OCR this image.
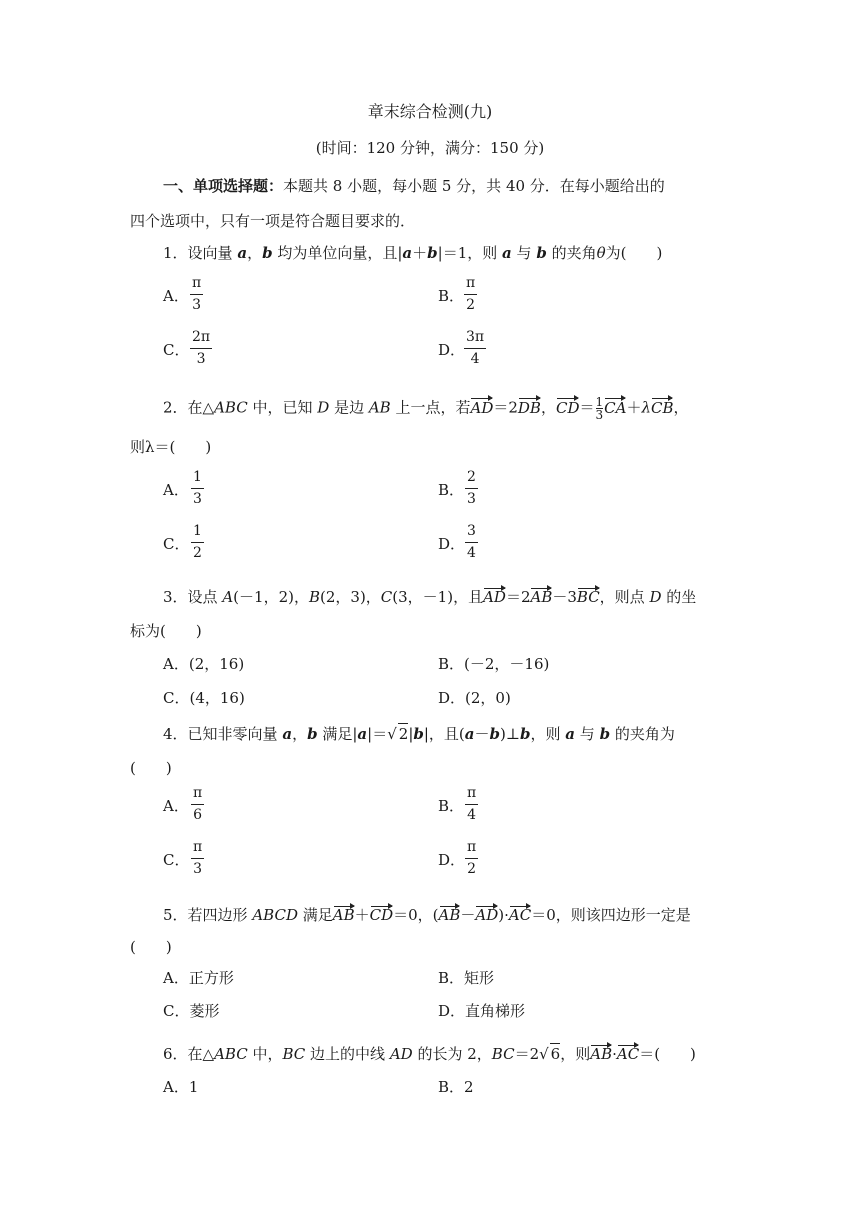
章末综合检测(九)
(时间：120 分钟，满分：150 分)
一、单项选择题：本题共 8 小题，每小题 5 分，共 40 分．在每小题给出的
四个选项中，只有一项是符合题目要求的．
1．设向量 a，b 均为单位向量，且|a＋b|＝1，则 a 与 b 的夹角θ为(　　)
A．
π
3	B．
π
2
C．
2π
3	D．
3π
4
2．在△ABC 中，已知 D 是边 AB 上一点，若AD＝2DB，$CD= \frac{1}{3} CA+\lambda CB$，
则λ＝(　　)
A．
1
3	B．
2
3
C．
1
2	D．
3
4
3．设点 A(－1，2)，B(2，3)，C(3，－1)，且AD＝2AB－3BC，则点 D 的坐
标为(　　)
A．(2，16)	B．(－2，－16)
C．(4，16)	D．(2，0)
4．已知非零向量 a，b 满足|a|＝√ 2|b|，且(a－b)⊥b，则 a 与 b 的夹角为
(　　)
A．
π
6	B．
π
4
C．
π
3	D．
π
2
5．若四边形 ABCD 满足AB＋CD＝0，(AB－AD)·AC＝0，则该四边形一定是
(　　)
A．正方形	B．矩形
C．菱形	D．直角梯形
6．在△ABC 中，BC 边上的中线 AD 的长为 2，BC＝2√ 6，则AB·AC＝(　　)
A．1	B．2
